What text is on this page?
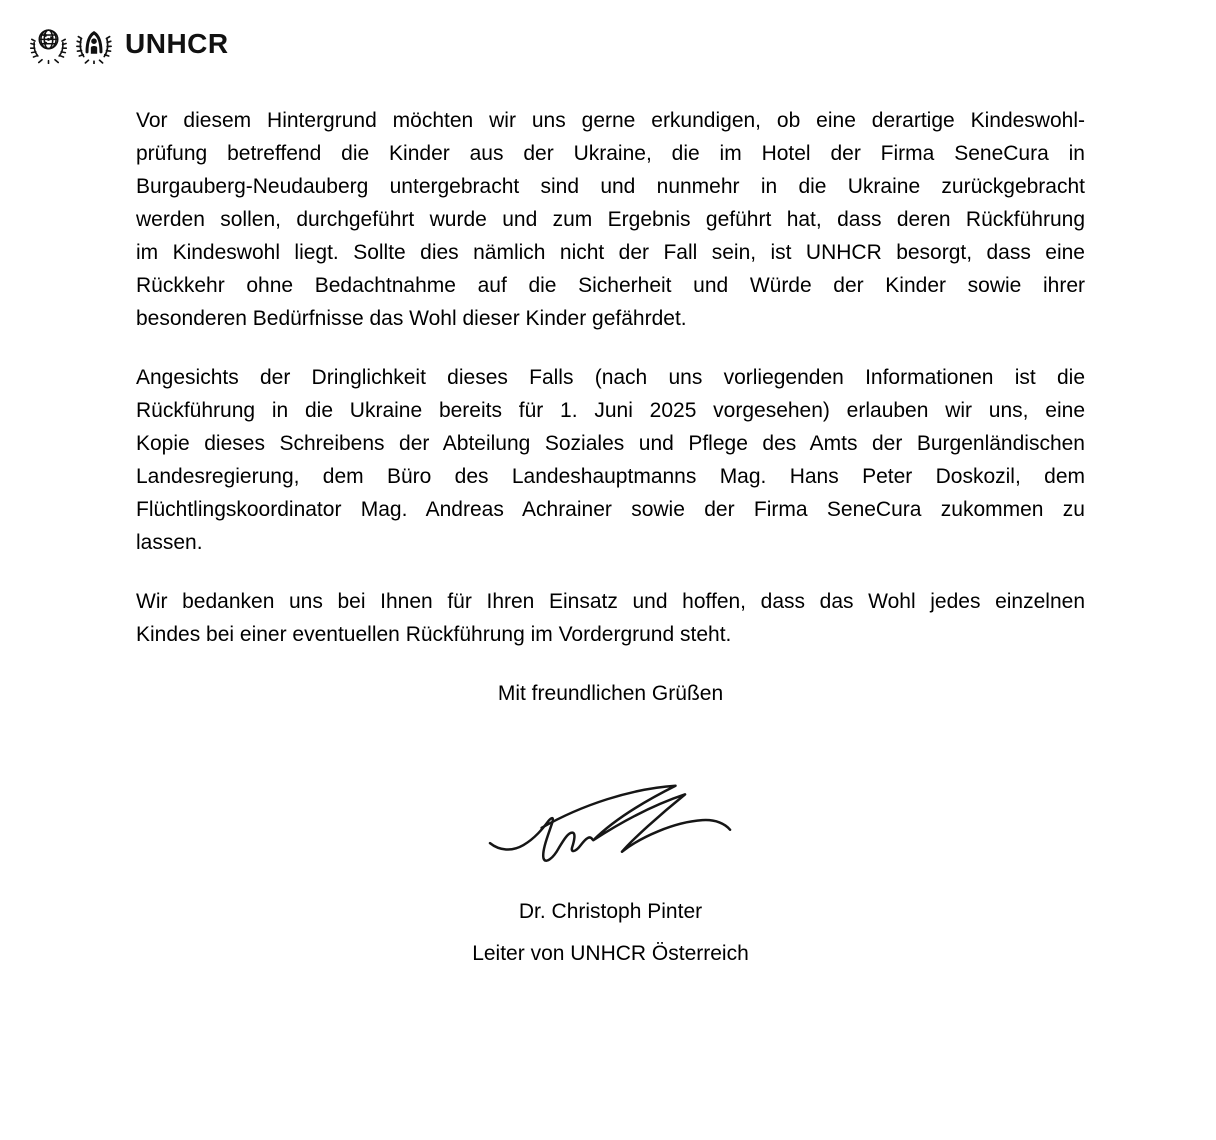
UNHCR
Vor diesem Hintergrund möchten wir uns gerne erkundigen, ob eine derartige Kindeswohl-
prüfung betreffend die Kinder aus der Ukraine, die im Hotel der Firma SeneCura in
Burgauberg-Neudauberg untergebracht sind und nunmehr in die Ukraine zurückgebracht
werden sollen, durchgeführt wurde und zum Ergebnis geführt hat, dass deren Rückführung
im Kindeswohl liegt. Sollte dies nämlich nicht der Fall sein, ist UNHCR besorgt, dass eine
Rückkehr ohne Bedachtnahme auf die Sicherheit und Würde der Kinder sowie ihrer
besonderen Bedürfnisse das Wohl dieser Kinder gefährdet.
Angesichts der Dringlichkeit dieses Falls (nach uns vorliegenden Informationen ist die
Rückführung in die Ukraine bereits für 1. Juni 2025 vorgesehen) erlauben wir uns, eine
Kopie dieses Schreibens der Abteilung Soziales und Pflege des Amts der Burgenländischen
Landesregierung, dem Büro des Landeshauptmanns Mag. Hans Peter Doskozil, dem
Flüchtlingskoordinator Mag. Andreas Achrainer sowie der Firma SeneCura zukommen zu
lassen.
Wir bedanken uns bei Ihnen für Ihren Einsatz und hoffen, dass das Wohl jedes einzelnen
Kindes bei einer eventuellen Rückführung im Vordergrund steht.
Mit freundlichen Grüßen
Dr. Christoph Pinter
Leiter von UNHCR Österreich
